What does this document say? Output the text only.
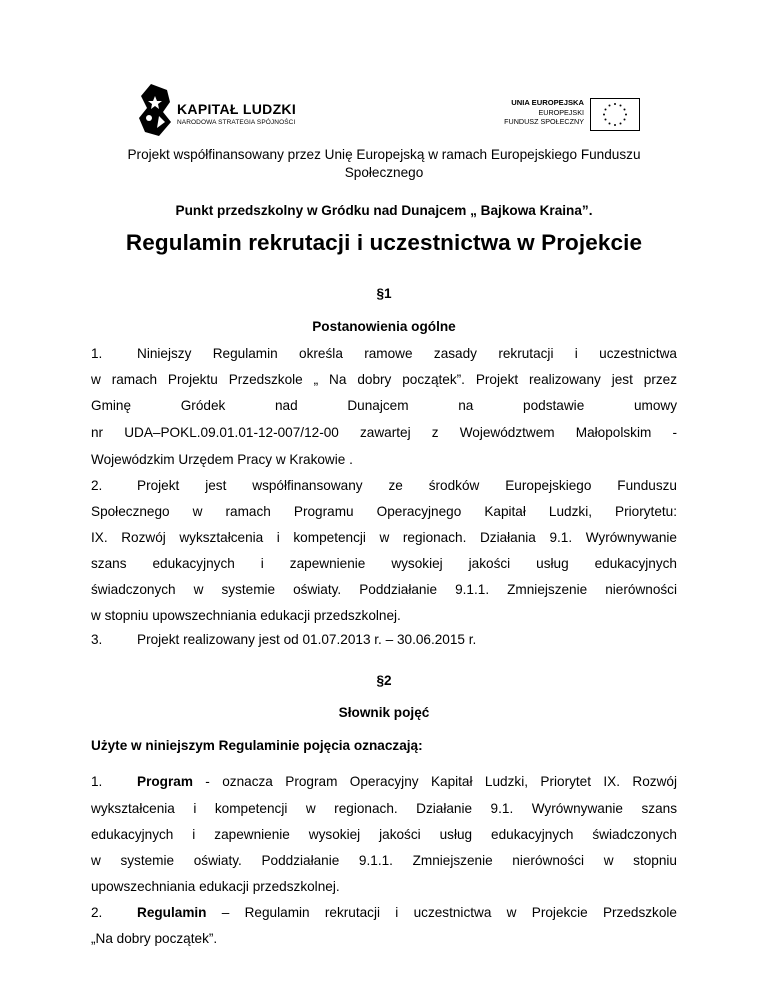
KAPITAŁ LUDZKI
NARODOWA STRATEGIA SPÓJNOŚCI
UNIA EUROPEJSKA
EUROPEJSKI
FUNDUSZ SPOŁECZNY
Projekt współfinansowany przez Unię Europejską w ramach Europejskiego Funduszu
Społecznego
Punkt przedszkolny w Gródku nad Dunajcem „ Bajkowa Kraina”.
Regulamin rekrutacji i uczestnictwa w Projekcie
§1
Postanowienia ogólne
1.	Niniejszy Regulamin określa ramowe zasady rekrutacji i uczestnictwa
w ramach Projektu Przedszkole „ Na dobry początek”. Projekt realizowany jest przez
Gminę Gródek nad Dunajcem na podstawie umowy
nr UDA–POKL.09.01.01-12-007/12-00 zawartej z Województwem Małopolskim -
Wojewódzkim Urzędem Pracy w Krakowie .
2.	Projekt jest współfinansowany ze środków Europejskiego Funduszu
Społecznego w ramach Programu Operacyjnego Kapitał Ludzki, Priorytetu:
IX. Rozwój wykształcenia i kompetencji w regionach. Działania 9.1. Wyrównywanie
szans edukacyjnych i zapewnienie wysokiej jakości usług edukacyjnych
świadczonych w systemie oświaty. Poddziałanie 9.1.1. Zmniejszenie nierówności
w stopniu upowszechniania edukacji przedszkolnej.
3.	Projekt realizowany jest od 01.07.2013 r. – 30.06.2015 r.
§2
Słownik pojęć
Użyte w niniejszym Regulaminie pojęcia oznaczają:
1.	Program - oznacza Program Operacyjny Kapitał Ludzki, Priorytet IX. Rozwój
wykształcenia i kompetencji w regionach. Działanie 9.1. Wyrównywanie szans
edukacyjnych i zapewnienie wysokiej jakości usług edukacyjnych świadczonych
w systemie oświaty. Poddziałanie 9.1.1. Zmniejszenie nierówności w stopniu
upowszechniania edukacji przedszkolnej.
2.	Regulamin – Regulamin rekrutacji i uczestnictwa w Projekcie Przedszkole
„Na dobry początek”.
